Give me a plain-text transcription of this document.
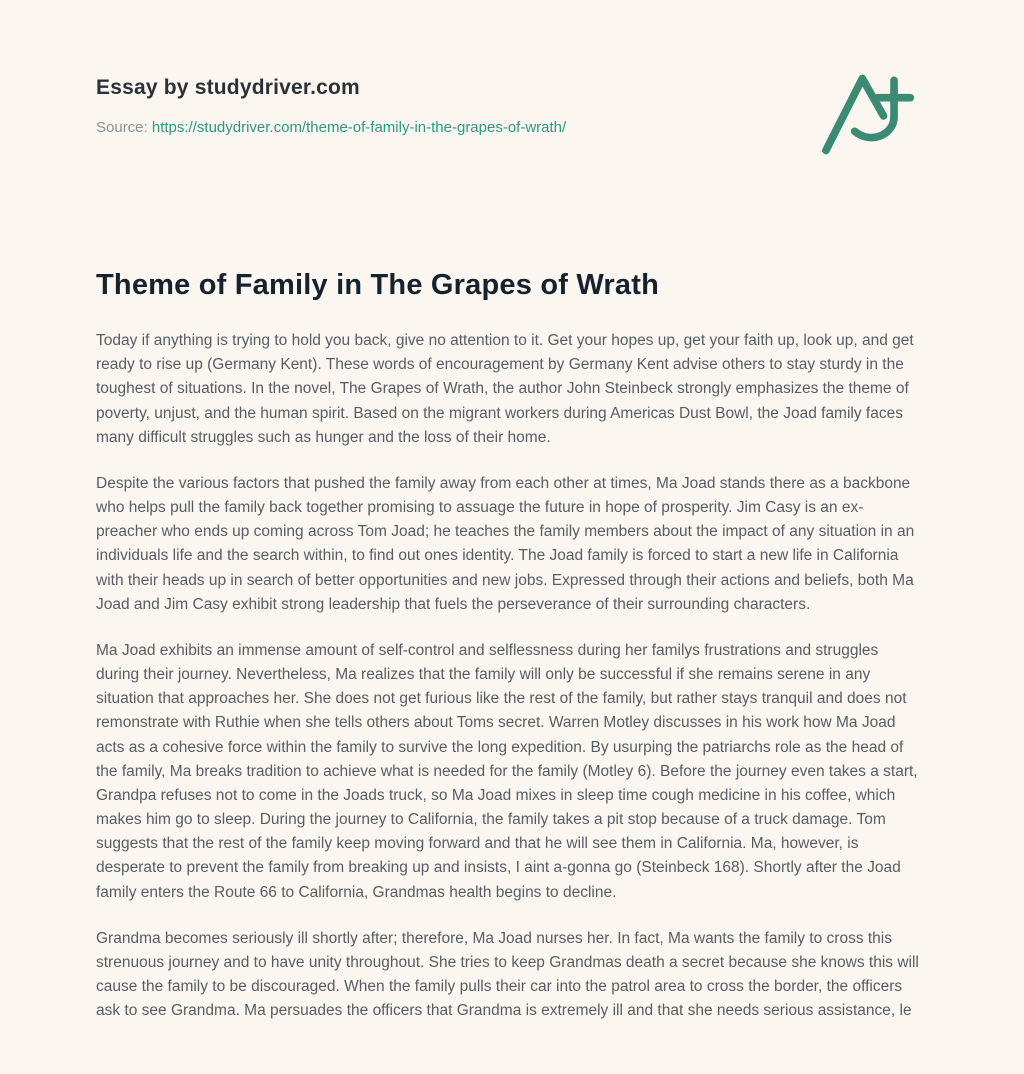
Essay by studydriver.com
Source: https://studydriver.com/theme-of-family-in-the-grapes-of-wrath/
Theme of Family in The Grapes of Wrath

Today if anything is trying to hold you back, give no attention to it. Get your hopes up, get your faith up, look up, and get ready to rise up (Germany Kent). These words of encouragement by Germany Kent advise others to stay sturdy in the toughest of situations. In the novel, The Grapes of Wrath, the author John Steinbeck strongly emphasizes the theme of poverty, unjust, and the human spirit. Based on the migrant workers during Americas Dust Bowl, the Joad family faces many difficult struggles such as hunger and the loss of their home.

Despite the various factors that pushed the family away from each other at times, Ma Joad stands there as a backbone who helps pull the family back together promising to assuage the future in hope of prosperity. Jim Casy is an ex-preacher who ends up coming across Tom Joad; he teaches the family members about the impact of any situation in an individuals life and the search within, to find out ones identity. The Joad family is forced to start a new life in California with their heads up in search of better opportunities and new jobs. Expressed through their actions and beliefs, both Ma Joad and Jim Casy exhibit strong leadership that fuels the perseverance of their surrounding characters.

Ma Joad exhibits an immense amount of self-control and selflessness during her familys frustrations and struggles during their journey. Nevertheless, Ma realizes that the family will only be successful if she remains serene in any situation that approaches her. She does not get furious like the rest of the family, but rather stays tranquil and does not remonstrate with Ruthie when she tells others about Toms secret. Warren Motley discusses in his work how Ma Joad acts as a cohesive force within the family to survive the long expedition. By usurping the patriarchs role as the head of the family, Ma breaks tradition to achieve what is needed for the family (Motley 6). Before the journey even takes a start, Grandpa refuses not to come in the Joads truck, so Ma Joad mixes in sleep time cough medicine in his coffee, which makes him go to sleep. During the journey to California, the family takes a pit stop because of a truck damage. Tom suggests that the rest of the family keep moving forward and that he will see them in California. Ma, however, is desperate to prevent the family from breaking up and insists, I aint a-gonna go (Steinbeck 168). Shortly after the Joad family enters the Route 66 to California, Grandmas health begins to decline.

Grandma becomes seriously ill shortly after; therefore, Ma Joad nurses her. In fact, Ma wants the family to cross this strenuous journey and to have unity throughout. She tries to keep Grandmas death a secret because she knows this will cause the family to be discouraged. When the family pulls their car into the patrol area to cross the border, the officers ask to see Grandma. Ma persuades the officers that Grandma is extremely ill and that she needs serious assistance, le
